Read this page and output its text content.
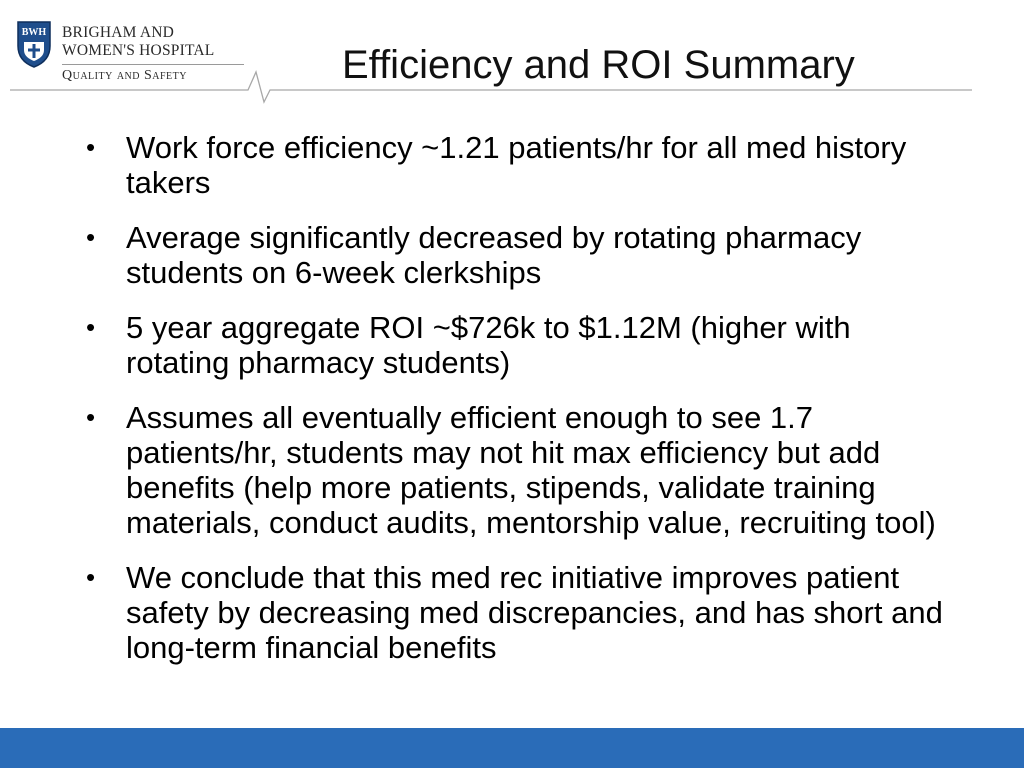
BWH BRIGHAM AND
WOMEN'S HOSPITAL
Quality and Safety	Efficiency and ROI Summary
• Work force efficiency ~1.21 patients/hr for all med history takers
• Average significantly decreased by rotating pharmacy students on 6-week clerkships
• 5 year aggregate ROI ~$726k to $1.12M (higher with rotating pharmacy students)
• Assumes all eventually efficient enough to see 1.7 patients/hr, students may not hit max efficiency but add benefits (help more patients, stipends, validate training materials, conduct audits, mentorship value, recruiting tool)
• We conclude that this med rec initiative improves patient safety by decreasing med discrepancies, and has short and long-term financial benefits
